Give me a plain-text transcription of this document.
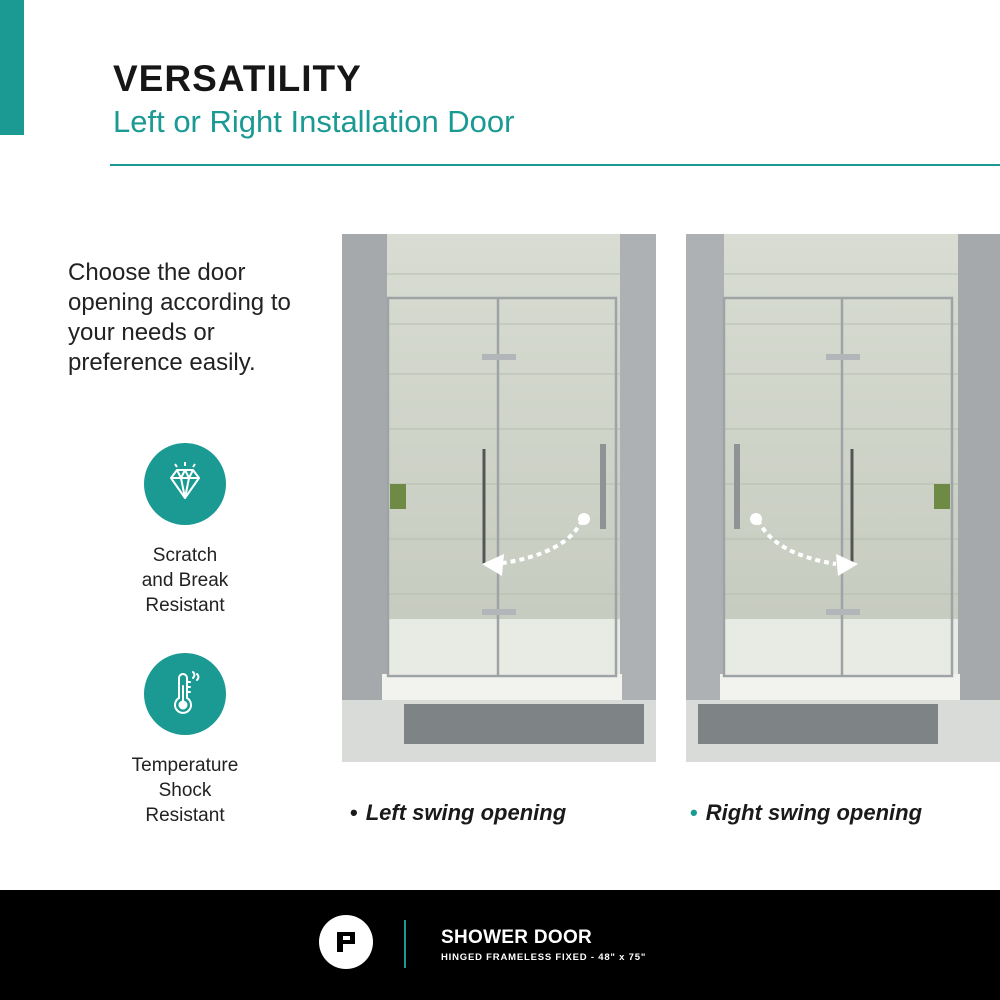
VERSATILITY
Left or Right Installation Door
Choose the door opening according to your needs or preference easily.
Scratch
and Break
Resistant
Temperature
Shock
Resistant	• Left swing opening	• Right swing opening
SHOWER DOOR
HINGED FRAMELESS FIXED - 48" x 75"
